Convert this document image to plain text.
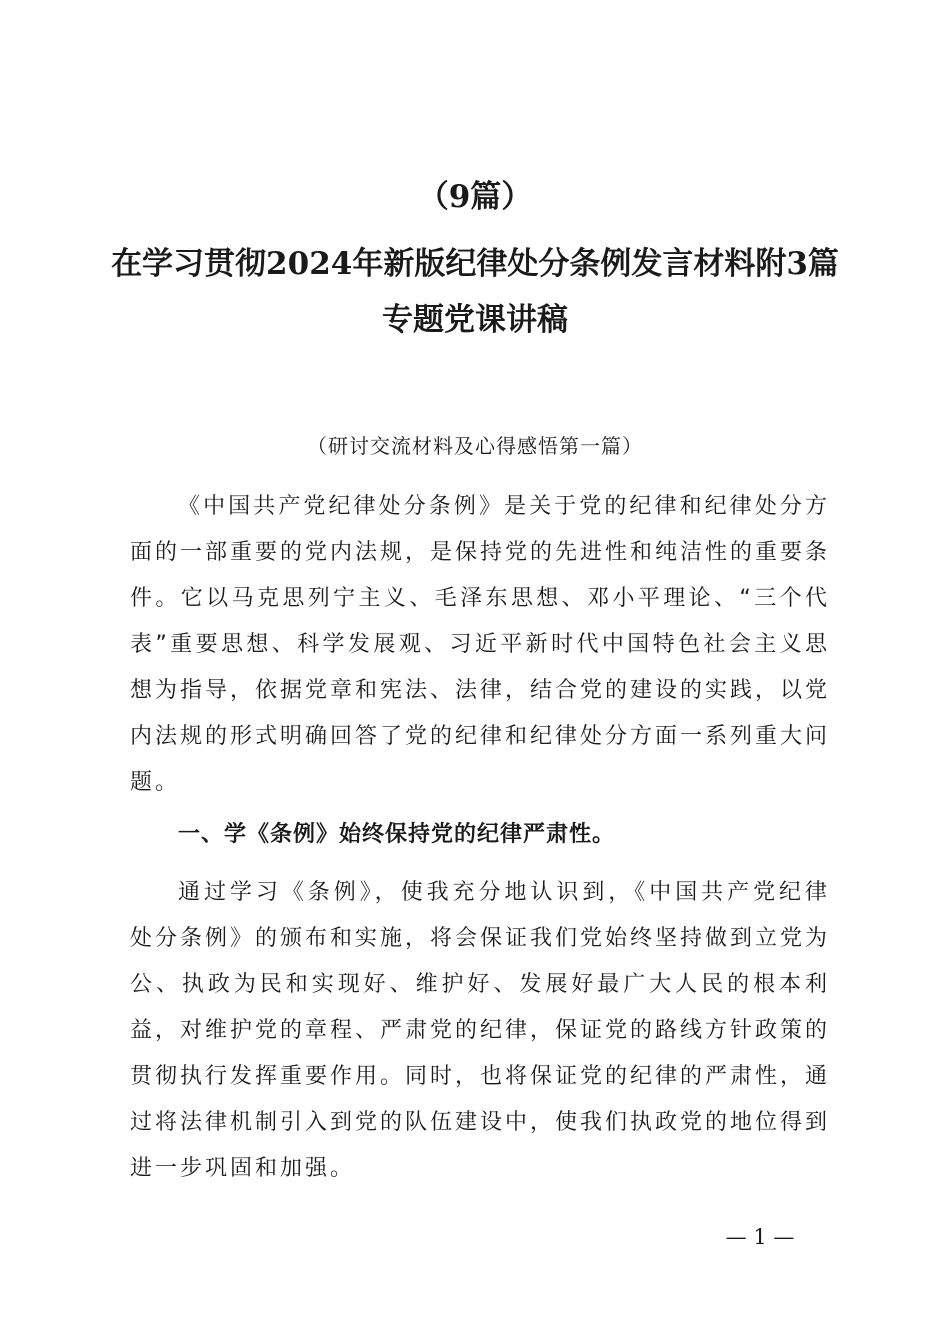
（9篇）
在学习贯彻2024年新版纪律处分条例发言材料附3篇专题党课讲稿
（研讨交流材料及心得感悟第一篇）

《中国共产党纪律处分条例》是关于党的纪律和纪律处分方面的一部重要的党内法规，是保持党的先进性和纯洁性的重要条件。它以马克思列宁主义、毛泽东思想、邓小平理论、“三个代表”重要思想、科学发展观、习近平新时代中国特色社会主义思想为指导，依据党章和宪法、法律，结合党的建设的实践，以党内法规的形式明确回答了党的纪律和纪律处分方面一系列重大问题。

一、学《条例》始终保持党的纪律严肃性。

通过学习《条例》，使我充分地认识到，《中国共产党纪律处分条例》的颁布和实施，将会保证我们党始终坚持做到立党为公、执政为民和实现好、维护好、发展好最广大人民的根本利益，对维护党的章程、严肃党的纪律，保证党的路线方针政策的贯彻执行发挥重要作用。同时，也将保证党的纪律的严肃性，通过将法律机制引入到党的队伍建设中，使我们执政党的地位得到进一步巩固和加强。

— 1 —
